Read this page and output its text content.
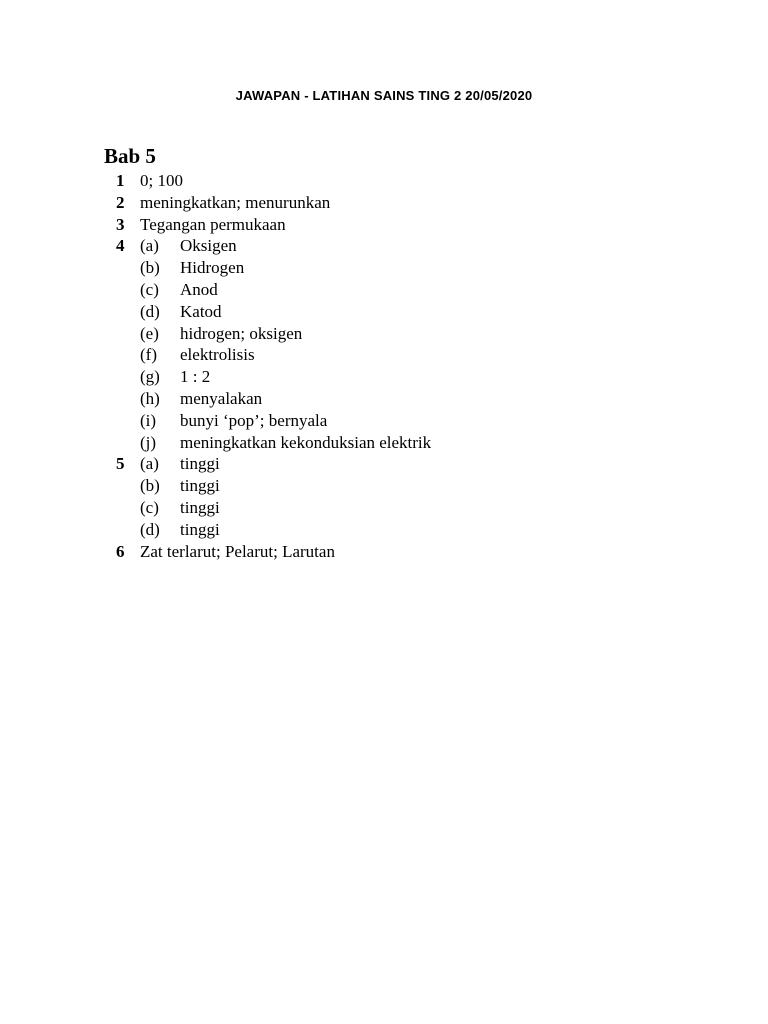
JAWAPAN - LATIHAN SAINS TING 2 20/05/2020
Bab 5
1 0; 100
2 meningkatkan; menurunkan
3 Tegangan permukaan
4 (a)	Oksigen
(b)	Hidrogen
(c)	Anod
(d)	Katod
(e)	hidrogen; oksigen
(f)	elektrolisis
(g)	1 : 2
(h)	menyalakan
(i)	bunyi ‘pop’; bernyala
(j)	meningkatkan kekonduksian elektrik
5 (a)	tinggi
(b)	tinggi
(c)	tinggi
(d)	tinggi
6 Zat terlarut; Pelarut; Larutan
